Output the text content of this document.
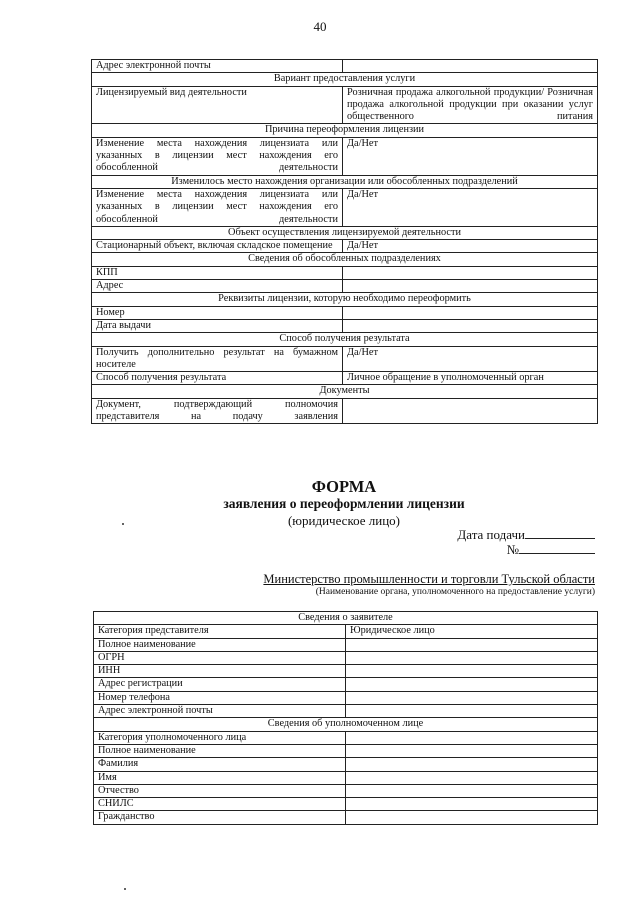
40
Адрес электронной почты	
Вариант предоставления услуги	
Лицензируемый вид деятельности	Розничная продажа алкогольной продукции/ Розничная продажа алкогольной продукции при оказании услуг общественного питания
Причина переоформления лицензии	
Изменение места нахождения лицензиата или указанных в лицензии мест нахождения его обособленной деятельности	Да/Нет
Изменилось место нахождения организации или обособленных подразделений	
Изменение места нахождения лицензиата или указанных в лицензии мест нахождения его обособленной деятельности	Да/Нет
Объект осуществления лицензируемой деятельности	
Стационарный объект, включая складское помещение	Да/Нет
Сведения об обособленных подразделениях	
КПП	
Адрес	
Реквизиты лицензии, которую необходимо переоформить	
Номер	
Дата выдачи	
Способ получения результата	
Получить дополнительно результат на бумажном носителе	Да/Нет
Способ получения результата	Личное обращение в уполномоченный орган
Документы	
Документ, подтверждающий полномочия представителя на подачу заявления	
ФОРМА
заявления о переоформлении лицензии
(юридическое лицо)
Дата подачи
№
Министерство промышленности и торговли Тульской области
(Наименование органа, уполномоченного на предоставление услуги)
Сведения о заявителе	
Категория представителя	Юридическое лицо
Полное наименование	
ОГРН	
ИНН	
Адрес регистрации	
Номер телефона	
Адрес электронной почты	
Сведения об уполномоченном лице	
Категория уполномоченного лица	
Полное наименование	
Фамилия	
Имя	
Отчество	
СНИЛС	
Гражданство	
